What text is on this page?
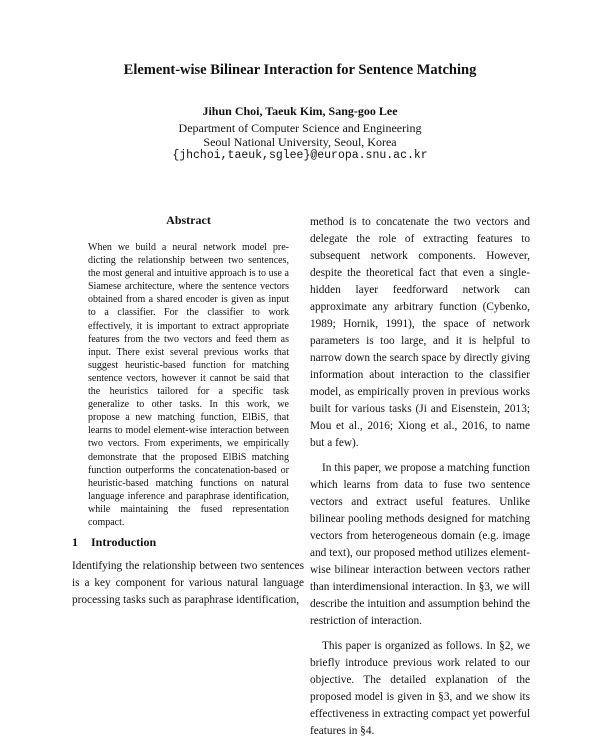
Element-wise Bilinear Interaction for Sentence Matching
Jihun Choi, Taeuk Kim, Sang-goo Lee
Department of Computer Science and Engineering
Seoul National University, Seoul, Korea
{jhchoi,taeuk,sglee}@europa.snu.ac.kr
Abstract
When we build a neural network model predicting the relationship between two sentences, the most general and intuitive approach is to use a Siamese architecture, where the sentence vectors obtained from a shared encoder is given as input to a classifier. For the classifier to work effectively, it is important to extract appropriate features from the two vectors and feed them as input. There exist several previous works that suggest heuristic-based function for matching sentence vectors, however it cannot be said that the heuristics tailored for a specific task generalize to other tasks. In this work, we propose a new matching function, ElBiS, that learns to model element-wise interaction between two vectors. From experiments, we empirically demonstrate that the proposed ElBiS matching function outperforms the concatenation-based or heuristic-based matching functions on natural language inference and paraphrase identification, while maintaining the fused representation compact.
1 Introduction
Identifying the relationship between two sentences is a key component for various natural language processing tasks such as paraphrase identification,

method is to concatenate the two vectors and delegate the role of extracting features to subsequent network components. However, despite the theoretical fact that even a single-hidden layer feedforward network can approximate any arbitrary function (Cybenko, 1989; Hornik, 1991), the space of network parameters is too large, and it is helpful to narrow down the search space by directly giving information about interaction to the classifier model, as empirically proven in previous works built for various tasks (Ji and Eisenstein, 2013; Mou et al., 2016; Xiong et al., 2016, to name but a few).

In this paper, we propose a matching function which learns from data to fuse two sentence vectors and extract useful features. Unlike bilinear pooling methods designed for matching vectors from heterogeneous domain (e.g. image and text), our proposed method utilizes element-wise bilinear interaction between vectors rather than interdimensional interaction. In §3, we will describe the intuition and assumption behind the restriction of interaction.

This paper is organized as follows. In §2, we briefly introduce previous work related to our objective. The detailed explanation of the proposed model is given in §3, and we show its effectiveness in extracting compact yet powerful features in §4.
